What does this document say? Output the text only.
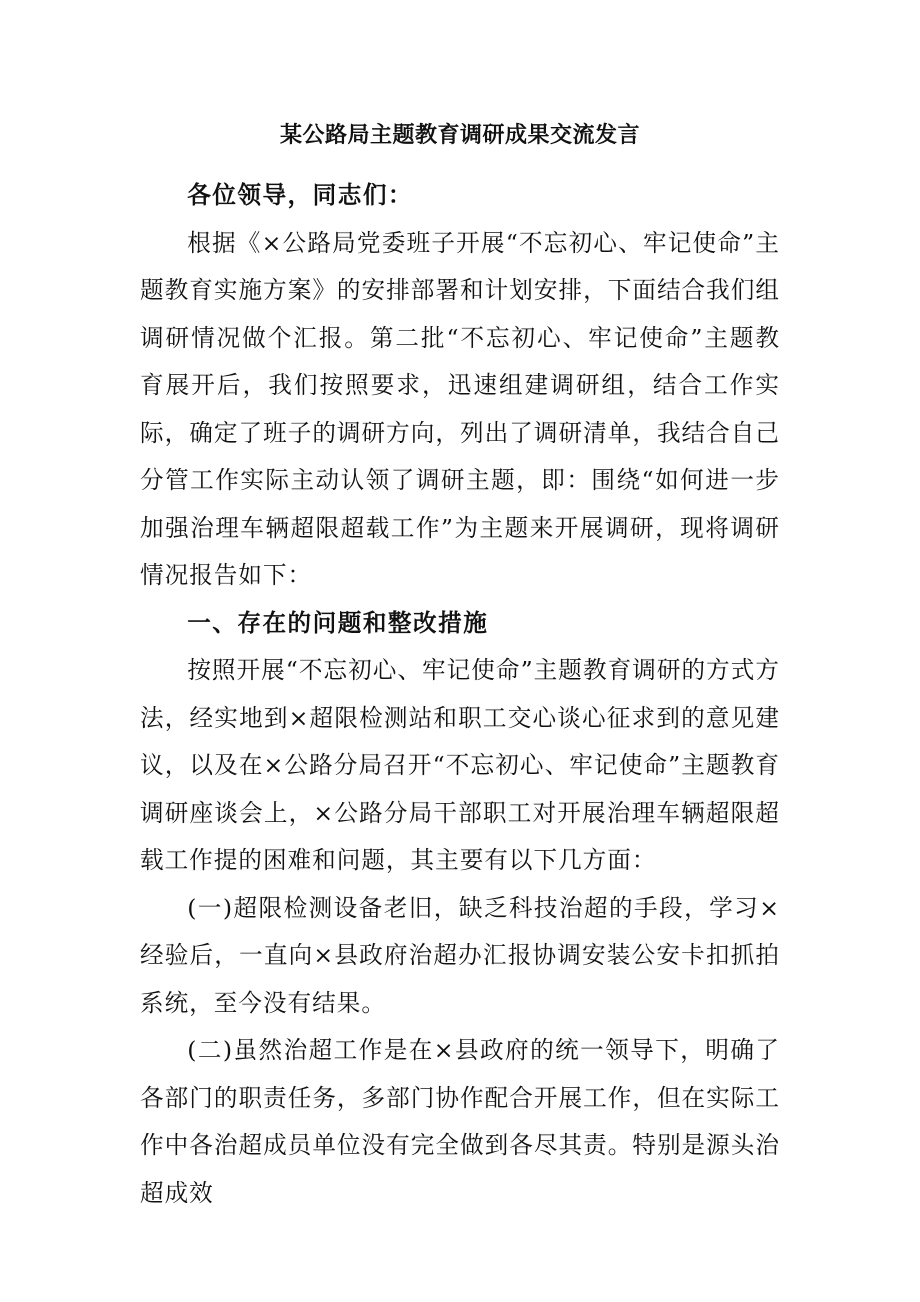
某公路局主题教育调研成果交流发言

各位领导，同志们：

根据《×公路局党委班子开展“不忘初心、牢记使命”主题教育实施方案》的安排部署和计划安排，下面结合我们组调研情况做个汇报。第二批“不忘初心、牢记使命”主题教育展开后，我们按照要求，迅速组建调研组，结合工作实际，确定了班子的调研方向，列出了调研清单，我结合自己分管工作实际主动认领了调研主题，即：围绕“如何进一步加强治理车辆超限超载工作”为主题来开展调研，现将调研情况报告如下：

一、存在的问题和整改措施

按照开展“不忘初心、牢记使命”主题教育调研的方式方法，经实地到×超限检测站和职工交心谈心征求到的意见建议，以及在×公路分局召开“不忘初心、牢记使命”主题教育调研座谈会上，×公路分局干部职工对开展治理车辆超限超载工作提的困难和问题，其主要有以下几方面：

(一)超限检测设备老旧，缺乏科技治超的手段，学习×经验后，一直向×县政府治超办汇报协调安装公安卡扣抓拍系统，至今没有结果。

(二)虽然治超工作是在×县政府的统一领导下，明确了各部门的职责任务，多部门协作配合开展工作，但在实际工作中各治超成员单位没有完全做到各尽其责。特别是源头治超成效
